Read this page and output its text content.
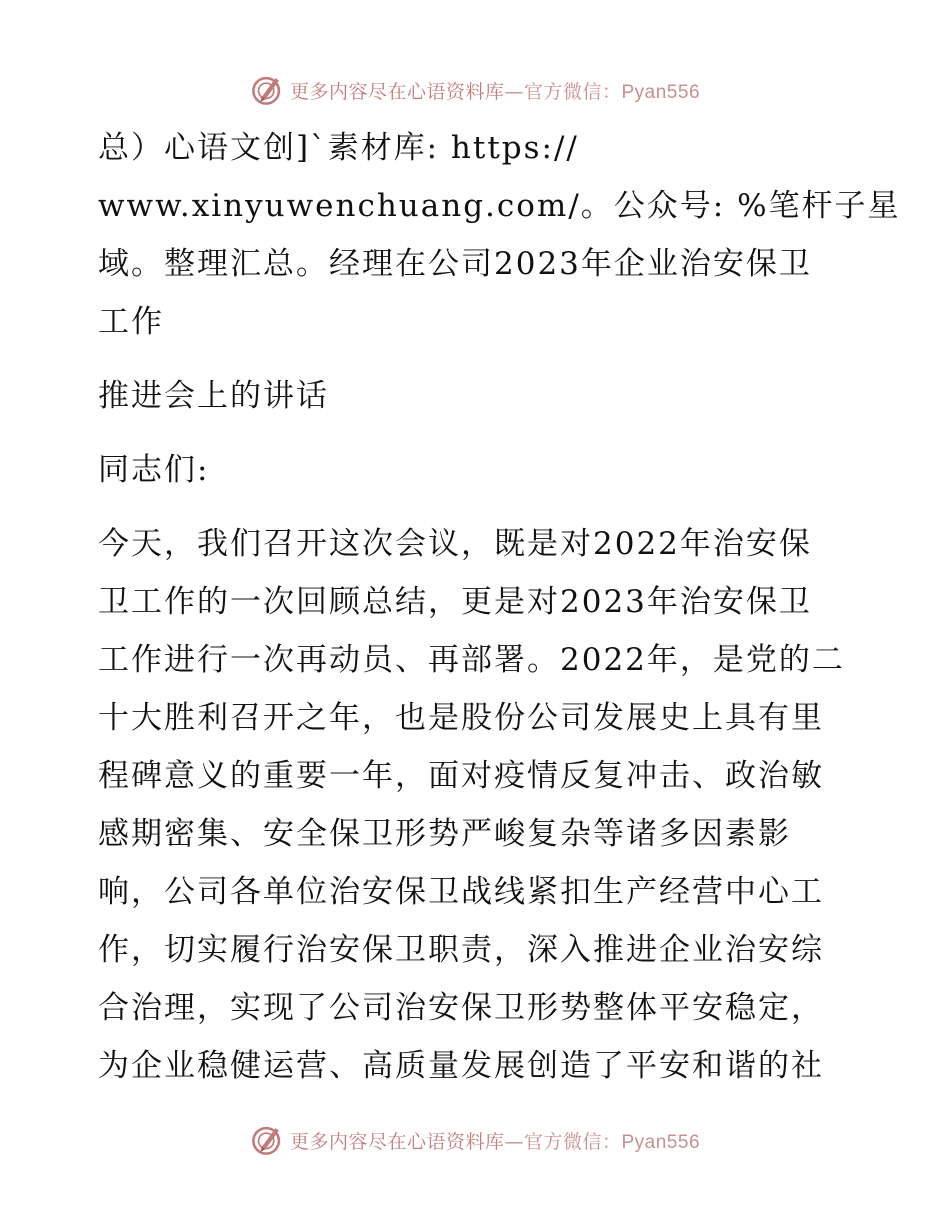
更多内容尽在心语资料库—官方微信：Pyan556
总）心语文创]`素材库: https://
www.xinyuwenchuang.com/。公众号: %笔杆子星
域。整理汇总。经理在公司2023年企业治安保卫
工作
推进会上的讲话
同志们:
今天，我们召开这次会议，既是对2022年治安保
卫工作的一次回顾总结，更是对2023年治安保卫
工作进行一次再动员、再部署。2022年，是党的二
十大胜利召开之年，也是股份公司发展史上具有里
程碑意义的重要一年，面对疫情反复冲击、政治敏
感期密集、安全保卫形势严峻复杂等诸多因素影
响，公司各单位治安保卫战线紧扣生产经营中心工
作，切实履行治安保卫职责，深入推进企业治安综
合治理，实现了公司治安保卫形势整体平安稳定，
为企业稳健运营、高质量发展创造了平安和谐的社
更多内容尽在心语资料库—官方微信：Pyan556
